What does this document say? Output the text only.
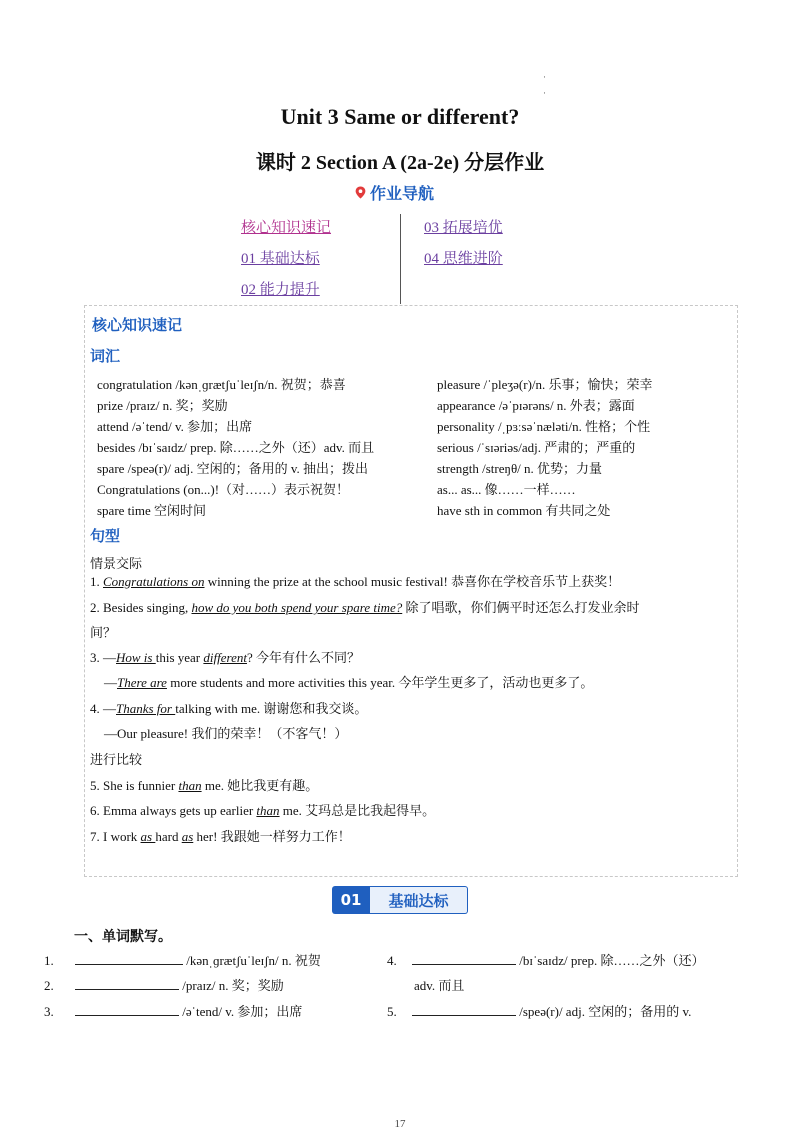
·
·
Unit 3 Same or different?
课时 2 Section A (2a-2e) 分层作业
作业导航
核心知识速记
01 基础达标
02 能力提升
03 拓展培优
04 思维进阶
核心知识速记
词汇
congratulation /kənˌɡrætʃuˈleɪʃn/n. 祝贺；恭喜
prize /praɪz/ n. 奖；奖励
attend /əˈtend/ v. 参加；出席
besides /bɪˈsaɪdz/ prep. 除……之外（还）adv. 而且
spare /speə(r)/ adj. 空闲的；备用的 v. 抽出；拨出
Congratulations (on...)!（对……）表示祝贺！
spare time 空闲时间
pleasure /ˈpleʒə(r)/n. 乐事；愉快；荣幸
appearance /əˈpɪərəns/ n. 外表；露面
personality /ˌpɜːsəˈnæləti/n. 性格；个性
serious /ˈsɪəriəs/adj. 严肃的；严重的
strength /streŋθ/ n. 优势；力量
as... as... 像……一样……
have sth in common 有共同之处
句型
情景交际
1. Congratulations on winning the prize at the school music festival! 恭喜你在学校音乐节上获奖！
2. Besides singing, how do you both spend your spare time? 除了唱歌，你们俩平时还怎么打发业余时
间？
3. —How is this year different? 今年有什么不同？
—There are more students and more activities this year. 今年学生更多了，活动也更多了。
4. —Thanks for talking with me. 谢谢您和我交谈。
—Our pleasure! 我们的荣幸！（不客气！）
进行比较
5. She is funnier than me. 她比我更有趣。
6. Emma always gets up earlier than me. 艾玛总是比我起得早。
7. I work as hard as her! 我跟她一样努力工作！
01	基础达标
一、单词默写。
1.	/kənˌɡrætʃuˈleɪʃn/ n. 祝贺
2.	/praɪz/ n. 奖；奖励
3.	/əˈtend/ v. 参加；出席
4.	/bɪˈsaɪdz/ prep. 除……之外（还）
adv. 而且
5.	/speə(r)/ adj. 空闲的；备用的 v.
17
